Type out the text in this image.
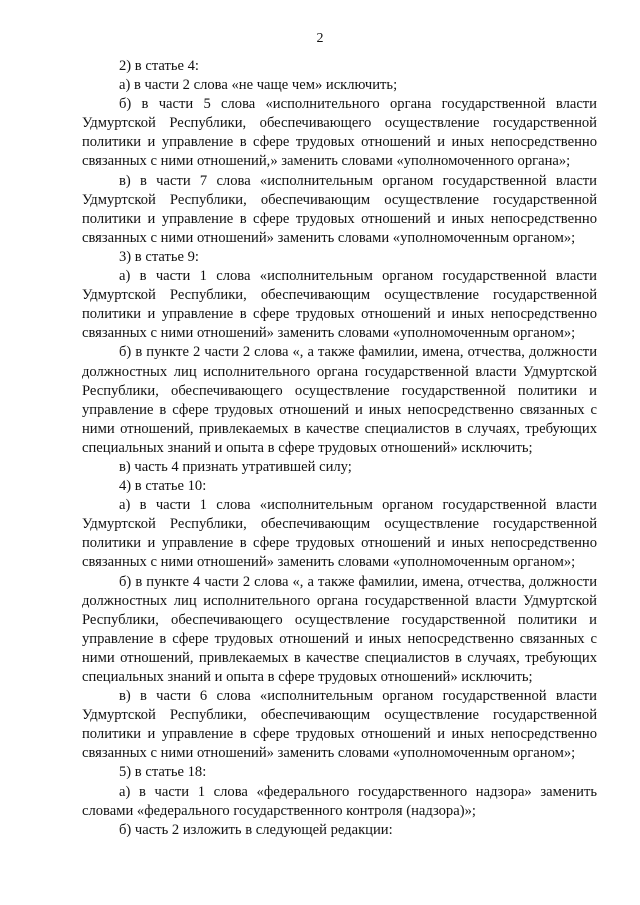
2

2) в статье 4:

а) в части 2 слова «не чаще чем» исключить;

б) в части 5 слова «исполнительного органа государственной власти Удмуртской Республики, обеспечивающего осуществление государственной политики и управление в сфере трудовых отношений и иных непосредственно связанных с ними отношений,» заменить словами «уполномоченного органа»;

в) в части 7 слова «исполнительным органом государственной власти Удмуртской Республики, обеспечивающим осуществление государственной политики и управление в сфере трудовых отношений и иных непосредственно связанных с ними отношений» заменить словами «уполномоченным органом»;

3) в статье 9:

а) в части 1 слова «исполнительным органом государственной власти Удмуртской Республики, обеспечивающим осуществление государственной политики и управление в сфере трудовых отношений и иных непосредственно связанных с ними отношений» заменить словами «уполномоченным органом»;

б) в пункте 2 части 2 слова «, а также фамилии, имена, отчества, должности должностных лиц исполнительного органа государственной власти Удмуртской Республики, обеспечивающего осуществление государственной политики и управление в сфере трудовых отношений и иных непосредственно связанных с ними отношений, привлекаемых в качестве специалистов в случаях, требующих специальных знаний и опыта в сфере трудовых отношений» исключить;

в) часть 4 признать утратившей силу;

4) в статье 10:

а) в части 1 слова «исполнительным органом государственной власти Удмуртской Республики, обеспечивающим осуществление государственной политики и управление в сфере трудовых отношений и иных непосредственно связанных с ними отношений» заменить словами «уполномоченным органом»;

б) в пункте 4 части 2 слова «, а также фамилии, имена, отчества, должности должностных лиц исполнительного органа государственной власти Удмуртской Республики, обеспечивающего осуществление государственной политики и управление в сфере трудовых отношений и иных непосредственно связанных с ними отношений, привлекаемых в качестве специалистов в случаях, требующих специальных знаний и опыта в сфере трудовых отношений» исключить;

в) в части 6 слова «исполнительным органом государственной власти Удмуртской Республики, обеспечивающим осуществление государственной политики и управление в сфере трудовых отношений и иных непосредственно связанных с ними отношений» заменить словами «уполномоченным органом»;

5) в статье 18:

а) в части 1 слова «федерального государственного надзора» заменить словами «федерального государственного контроля (надзора)»;

б) часть 2 изложить в следующей редакции:
